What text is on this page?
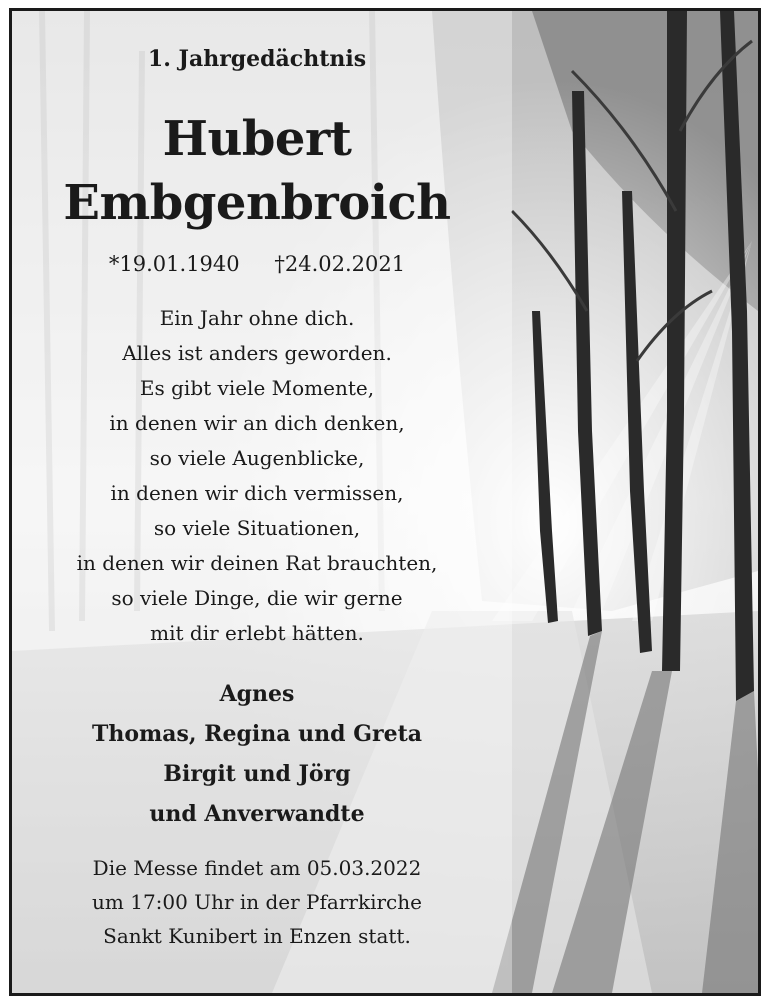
1. Jahrgedächtnis
Hubert
Embgenbroich
*19.01.1940 †24.02.2021
Ein Jahr ohne dich.
Alles ist anders geworden.
Es gibt viele Momente,
in denen wir an dich denken,
so viele Augenblicke,
in denen wir dich vermissen,
so viele Situationen,
in denen wir deinen Rat brauchten,
so viele Dinge, die wir gerne
mit dir erlebt hätten.
Agnes
Thomas, Regina und Greta
Birgit und Jörg
und Anverwandte
Die Messe findet am 05.03.2022
um 17:00 Uhr in der Pfarrkirche
Sankt Kunibert in Enzen statt.
